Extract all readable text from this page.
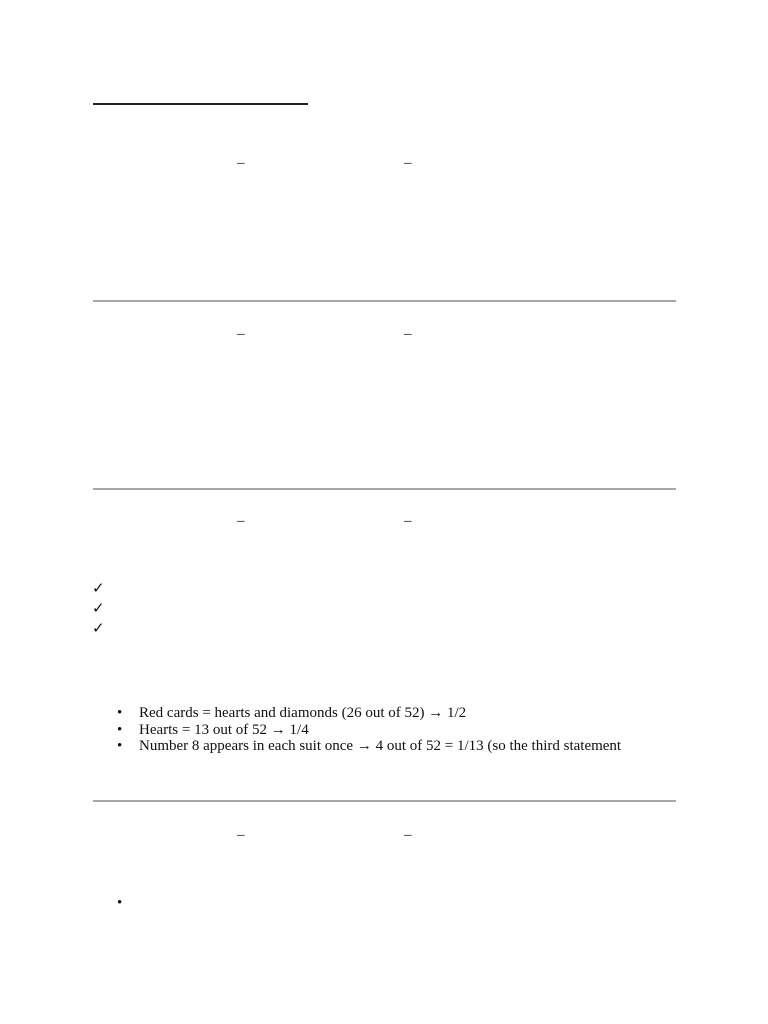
–	–
–	–
–	–
✓
✓
✓
• Red cards = hearts and diamonds (26 out of 52) → 1/2
• Hearts = 13 out of 52 → 1/4
• Number 8 appears in each suit once → 4 out of 52 = 1/13 (so the third statement
–	–
•
